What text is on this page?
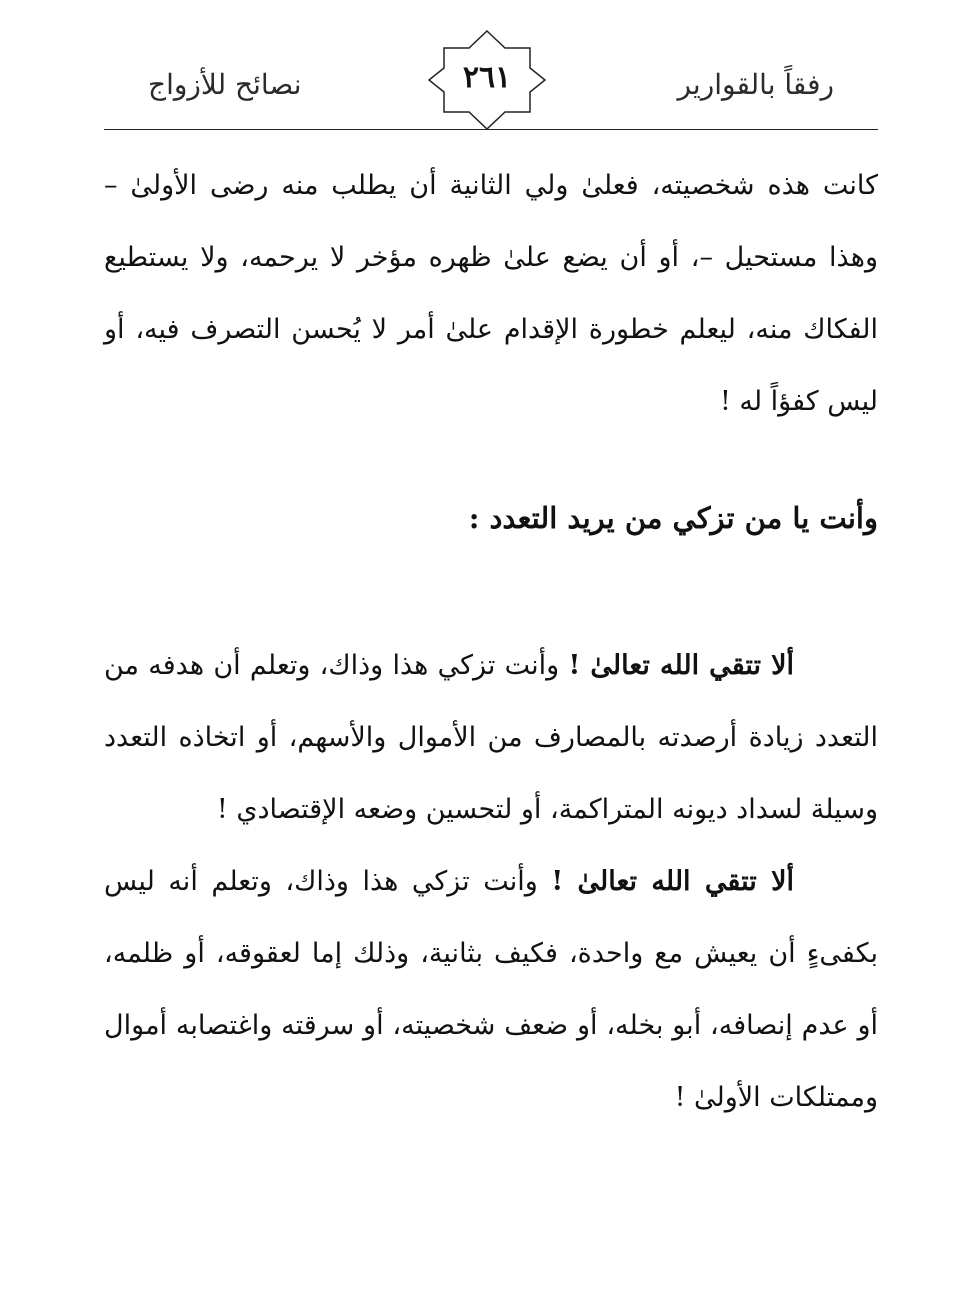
نصائح للأزواج	٢٦١	رفقاً بالقوارير

كانت هذه شخصيته، فعلىٰ ولي الثانية أن يطلب منه رضى الأولىٰ – وهذا مستحيل –، أو أن يضع علىٰ ظهره مؤخر لا يرحمه، ولا يستطيع الفكاك منه، ليعلم خطورة الإقدام علىٰ أمر لا يُحسن التصرف فيه، أو ليس كفؤاً له !

وأنت يا من تزكي من يريد التعدد :

ألا تتقي الله تعالىٰ ! وأنت تزكي هذا وذاك، وتعلم أن هدفه من التعدد زيادة أرصدته بالمصارف من الأموال والأسهم، أو اتخاذه التعدد وسيلة لسداد ديونه المتراكمة، أو لتحسين وضعه الإقتصادي !

ألا تتقي الله تعالىٰ ! وأنت تزكي هذا وذاك، وتعلم أنه ليس بكفىءٍ أن يعيش مع واحدة، فكيف بثانية، وذلك إما لعقوقه، أو ظلمه، أو عدم إنصافه، أبو بخله، أو ضعف شخصيته، أو سرقته واغتصابه أموال وممتلكات الأولىٰ !
